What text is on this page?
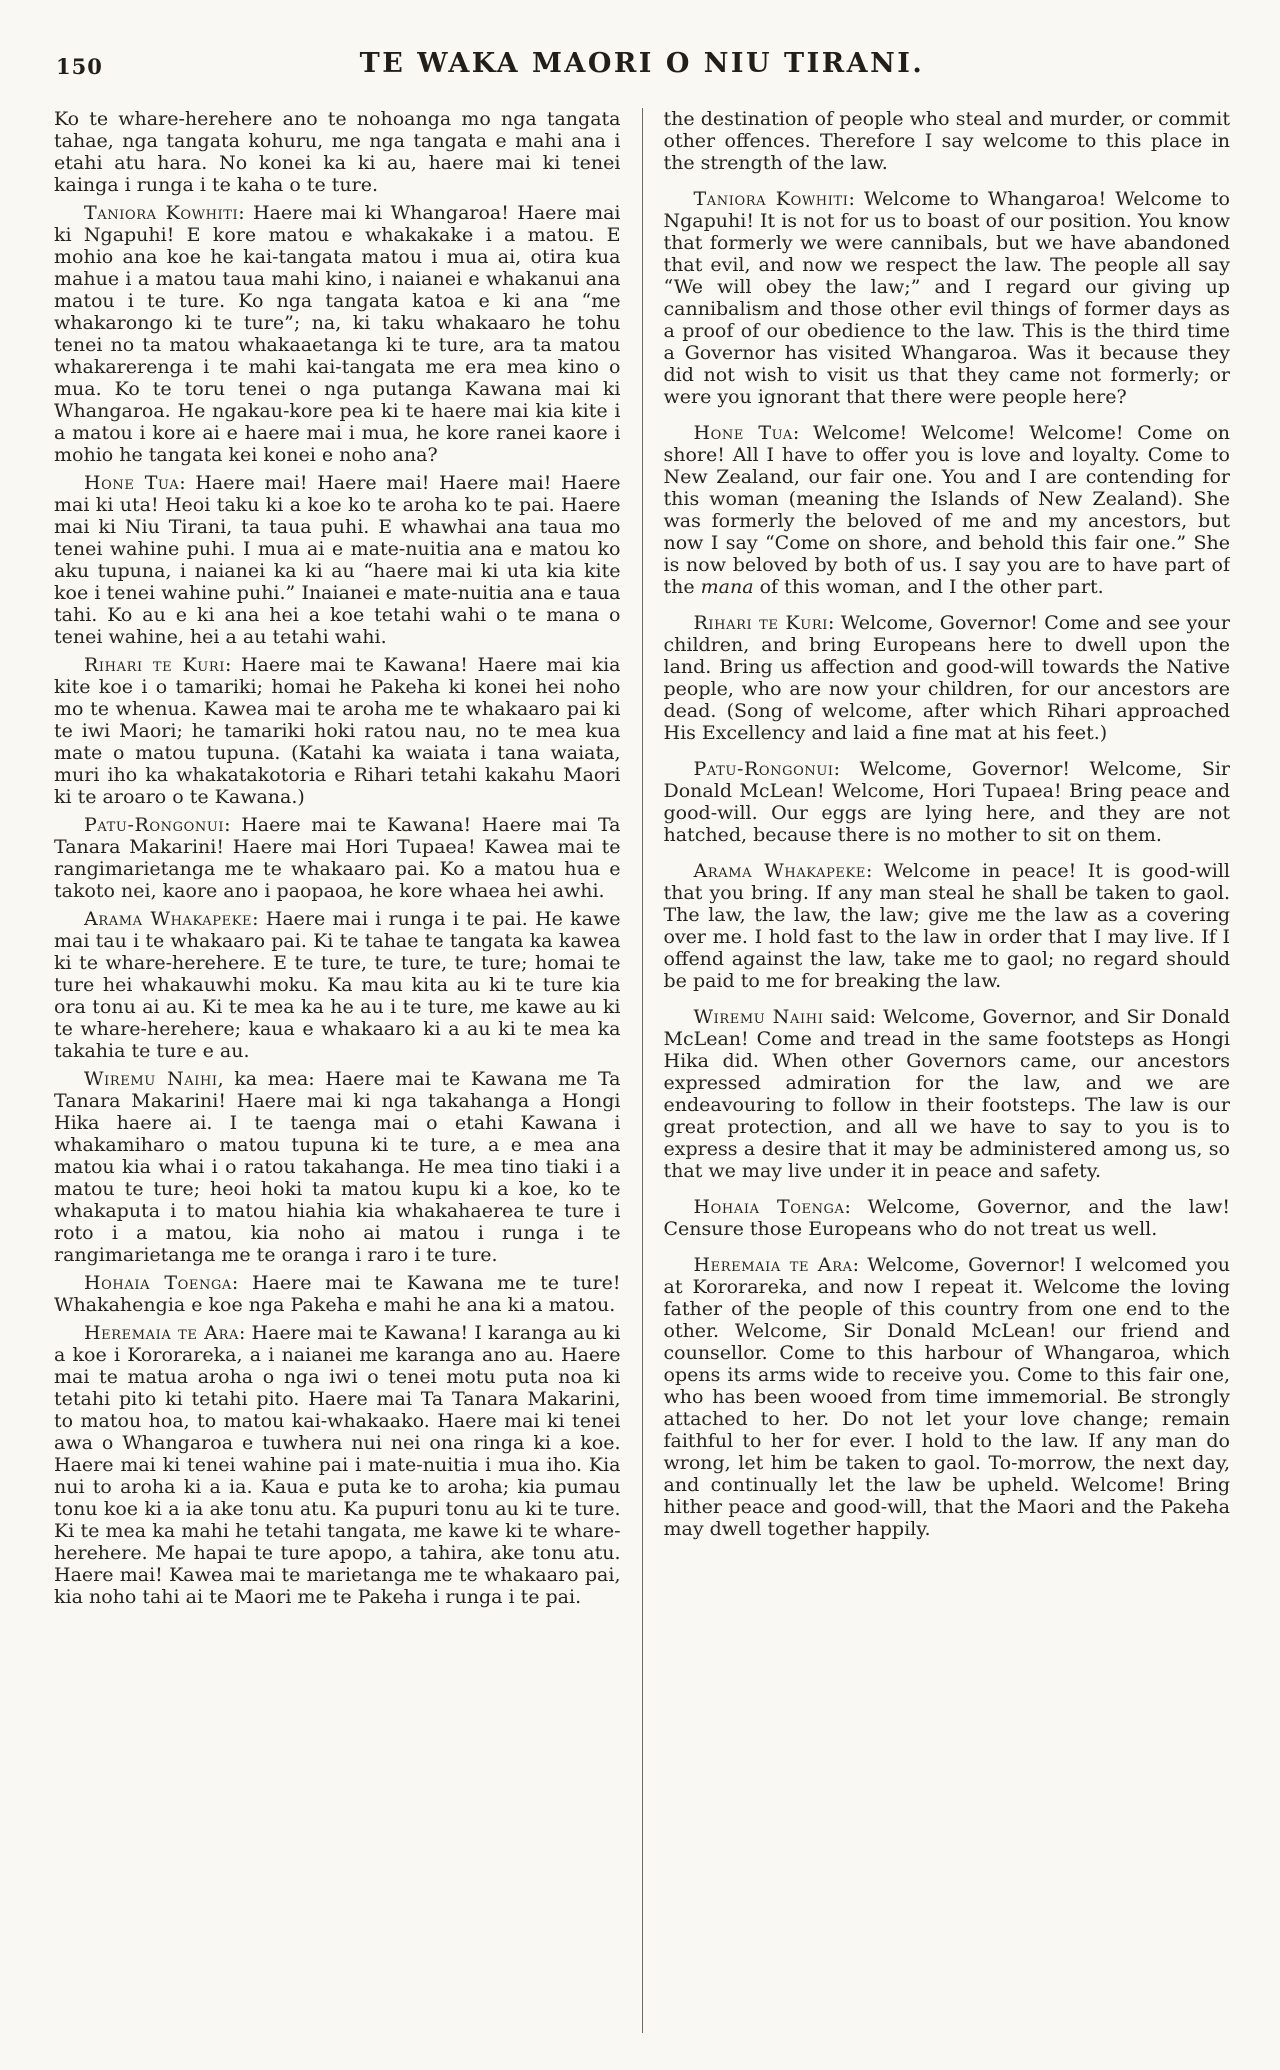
150	TE WAKA MAORI O NIU TIRANI.

Ko te whare-herehere ano te nohoanga mo nga tangata tahae, nga tangata kohuru, me nga tangata e mahi ana i etahi atu hara. No konei ka ki au, haere mai ki tenei kainga i runga i te kaha o te ture.

Taniora Kowhiti: Haere mai ki Whangaroa! Haere mai ki Ngapuhi! E kore matou e whakakake i a matou. E mohio ana koe he kai-tangata matou i mua ai, otira kua mahue i a matou taua mahi kino, i naianei e whakanui ana matou i te ture. Ko nga tangata katoa e ki ana “me whakarongo ki te ture”; na, ki taku whakaaro he tohu tenei no ta matou whakaaetanga ki te ture, ara ta matou whakarerenga i te mahi kai-tangata me era mea kino o mua. Ko te toru tenei o nga putanga Kawana mai ki Whangaroa. He ngakau-kore pea ki te haere mai kia kite i a matou i kore ai e haere mai i mua, he kore ranei kaore i mohio he tangata kei konei e noho ana?

Hone Tua: Haere mai! Haere mai! Haere mai! Haere mai ki uta! Heoi taku ki a koe ko te aroha ko te pai. Haere mai ki Niu Tirani, ta taua puhi. E whawhai ana taua mo tenei wahine puhi. I mua ai e mate-nuitia ana e matou ko aku tupuna, i naianei ka ki au “haere mai ki uta kia kite koe i tenei wahine puhi.” Inaianei e mate-nuitia ana e taua tahi. Ko au e ki ana hei a koe tetahi wahi o te mana o tenei wahine, hei a au tetahi wahi.

Rihari te Kuri: Haere mai te Kawana! Haere mai kia kite koe i o tamariki; homai he Pakeha ki konei hei noho mo te whenua. Kawea mai te aroha me te whakaaro pai ki te iwi Maori; he tamariki hoki ratou nau, no te mea kua mate o matou tupuna. (Katahi ka waiata i tana waiata, muri iho ka whakatakotoria e Rihari tetahi kakahu Maori ki te aroaro o te Kawana.)

Patu-Rongonui: Haere mai te Kawana! Haere mai Ta Tanara Makarini! Haere mai Hori Tupaea! Kawea mai te rangimarietanga me te whakaaro pai. Ko a matou hua e takoto nei, kaore ano i paopaoa, he kore whaea hei awhi.

Arama Whakapeke: Haere mai i runga i te pai. He kawe mai tau i te whakaaro pai. Ki te tahae te tangata ka kawea ki te whare-herehere. E te ture, te ture, te ture; homai te ture hei whakauwhi moku. Ka mau kita au ki te ture kia ora tonu ai au. Ki te mea ka he au i te ture, me kawe au ki te whare-herehere; kaua e whakaaro ki a au ki te mea ka takahia te ture e au.

Wiremu Naihi, ka mea: Haere mai te Kawana me Ta Tanara Makarini! Haere mai ki nga takahanga a Hongi Hika haere ai. I te taenga mai o etahi Kawana i whakamiharo o matou tupuna ki te ture, a e mea ana matou kia whai i o ratou takahanga. He mea tino tiaki i a matou te ture; heoi hoki ta matou kupu ki a koe, ko te whakaputa i to matou hiahia kia whakahaerea te ture i roto i a matou, kia noho ai matou i runga i te rangimarietanga me te oranga i raro i te ture.

Hohaia Toenga: Haere mai te Kawana me te ture! Whakahengia e koe nga Pakeha e mahi he ana ki a matou.

Heremaia te Ara: Haere mai te Kawana! I karanga au ki a koe i Kororareka, a i naianei me karanga ano au. Haere mai te matua aroha o nga iwi o tenei motu puta noa ki tetahi pito ki tetahi pito. Haere mai Ta Tanara Makarini, to matou hoa, to matou kai-whakaako. Haere mai ki tenei awa o Whangaroa e tuwhera nui nei ona ringa ki a koe. Haere mai ki tenei wahine pai i mate-nuitia i mua iho. Kia nui to aroha ki a ia. Kaua e puta ke to aroha; kia pumau tonu koe ki a ia ake tonu atu. Ka pupuri tonu au ki te ture. Ki te mea ka mahi he tetahi tangata, me kawe ki te whare-herehere. Me hapai te ture apopo, a tahira, ake tonu atu. Haere mai! Kawea mai te marietanga me te whakaaro pai, kia noho tahi ai te Maori me te Pakeha i runga i te pai.

the destination of people who steal and murder, or commit other offences. Therefore I say welcome to this place in the strength of the law.

Taniora Kowhiti: Welcome to Whangaroa! Welcome to Ngapuhi! It is not for us to boast of our position. You know that formerly we were cannibals, but we have abandoned that evil, and now we respect the law. The people all say “We will obey the law;” and I regard our giving up cannibalism and those other evil things of former days as a proof of our obedience to the law. This is the third time a Governor has visited Whangaroa. Was it because they did not wish to visit us that they came not formerly; or were you ignorant that there were people here?

Hone Tua: Welcome! Welcome! Welcome! Come on shore! All I have to offer you is love and loyalty. Come to New Zealand, our fair one. You and I are contending for this woman (meaning the Islands of New Zealand). She was formerly the beloved of me and my ancestors, but now I say “Come on shore, and behold this fair one.” She is now beloved by both of us. I say you are to have part of the mana of this woman, and I the other part.

Rihari te Kuri: Welcome, Governor! Come and see your children, and bring Europeans here to dwell upon the land. Bring us affection and good-will towards the Native people, who are now your children, for our ancestors are dead. (Song of welcome, after which Rihari approached His Excellency and laid a fine mat at his feet.)

Patu-Rongonui: Welcome, Governor! Welcome, Sir Donald McLean! Welcome, Hori Tupaea! Bring peace and good-will. Our eggs are lying here, and they are not hatched, because there is no mother to sit on them.

Arama Whakapeke: Welcome in peace! It is good-will that you bring. If any man steal he shall be taken to gaol. The law, the law, the law; give me the law as a covering over me. I hold fast to the law in order that I may live. If I offend against the law, take me to gaol; no regard should be paid to me for breaking the law.

Wiremu Naihi said: Welcome, Governor, and Sir Donald McLean! Come and tread in the same footsteps as Hongi Hika did. When other Governors came, our ancestors expressed admiration for the law, and we are endeavouring to follow in their footsteps. The law is our great protection, and all we have to say to you is to express a desire that it may be administered among us, so that we may live under it in peace and safety.

Hohaia Toenga: Welcome, Governor, and the law! Censure those Europeans who do not treat us well.

Heremaia te Ara: Welcome, Governor! I welcomed you at Kororareka, and now I repeat it. Welcome the loving father of the people of this country from one end to the other. Welcome, Sir Donald McLean! our friend and counsellor. Come to this harbour of Whangaroa, which opens its arms wide to receive you. Come to this fair one, who has been wooed from time immemorial. Be strongly attached to her. Do not let your love change; remain faithful to her for ever. I hold to the law. If any man do wrong, let him be taken to gaol. To-morrow, the next day, and continually let the law be upheld. Welcome! Bring hither peace and good-will, that the Maori and the Pakeha may dwell together happily.
